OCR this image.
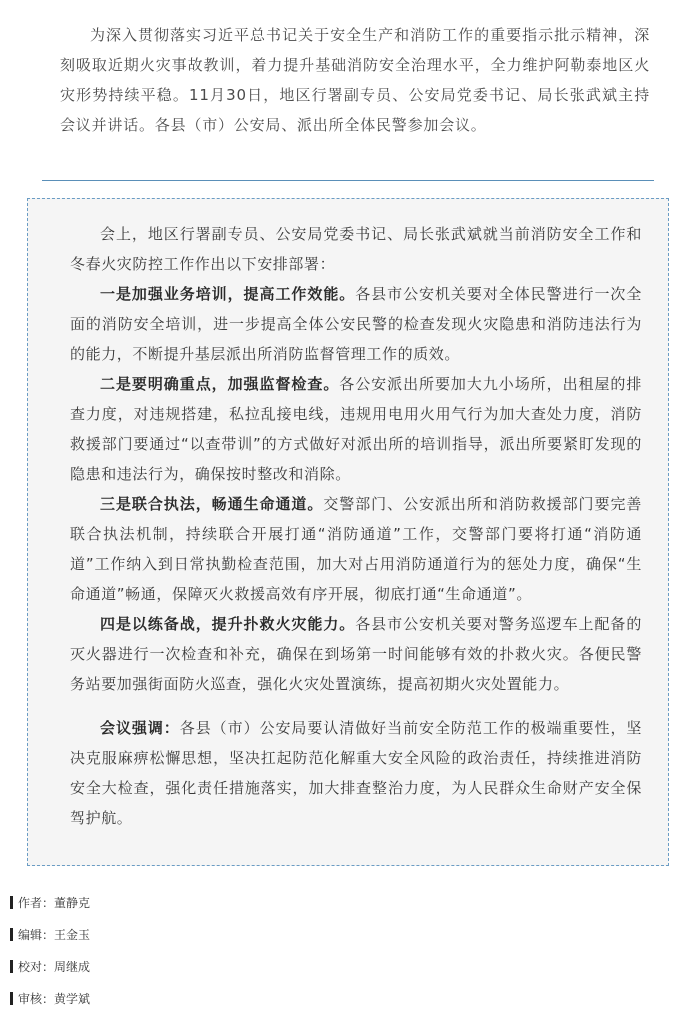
为深入贯彻落实习近平总书记关于安全生产和消防工作的重要指示批示精神，深刻吸取近期火灾事故教训，着力提升基础消防安全治理水平，全力维护阿勒泰地区火灾形势持续平稳。11月30日，地区行署副专员、公安局党委书记、局长张武斌主持会议并讲话。各县（市）公安局、派出所全体民警参加会议。

会上，地区行署副专员、公安局党委书记、局长张武斌就当前消防安全工作和冬春火灾防控工作作出以下安排部署：

一是加强业务培训，提高工作效能。各县市公安机关要对全体民警进行一次全面的消防安全培训，进一步提高全体公安民警的检查发现火灾隐患和消防违法行为的能力，不断提升基层派出所消防监督管理工作的质效。

二是要明确重点，加强监督检查。各公安派出所要加大九小场所，出租屋的排查力度，对违规搭建，私拉乱接电线，违规用电用火用气行为加大查处力度，消防救援部门要通过“以查带训”的方式做好对派出所的培训指导，派出所要紧盯发现的隐患和违法行为，确保按时整改和消除。

三是联合执法，畅通生命通道。交警部门、公安派出所和消防救援部门要完善联合执法机制，持续联合开展打通“消防通道”工作，交警部门要将打通“消防通道”工作纳入到日常执勤检查范围，加大对占用消防通道行为的惩处力度，确保“生命通道”畅通，保障灭火救援高效有序开展，彻底打通“生命通道”。

四是以练备战，提升扑救火灾能力。各县市公安机关要对警务巡逻车上配备的灭火器进行一次检查和补充，确保在到场第一时间能够有效的扑救火灾。各便民警务站要加强街面防火巡查，强化火灾处置演练，提高初期火灾处置能力。

会议强调：各县（市）公安局要认清做好当前安全防范工作的极端重要性，坚决克服麻痹松懈思想，坚决扛起防范化解重大安全风险的政治责任，持续推进消防安全大检查，强化责任措施落实，加大排查整治力度，为人民群众生命财产安全保驾护航。

作者： 董静克
编辑： 王金玉
校对： 周继成
审核： 黄学斌
